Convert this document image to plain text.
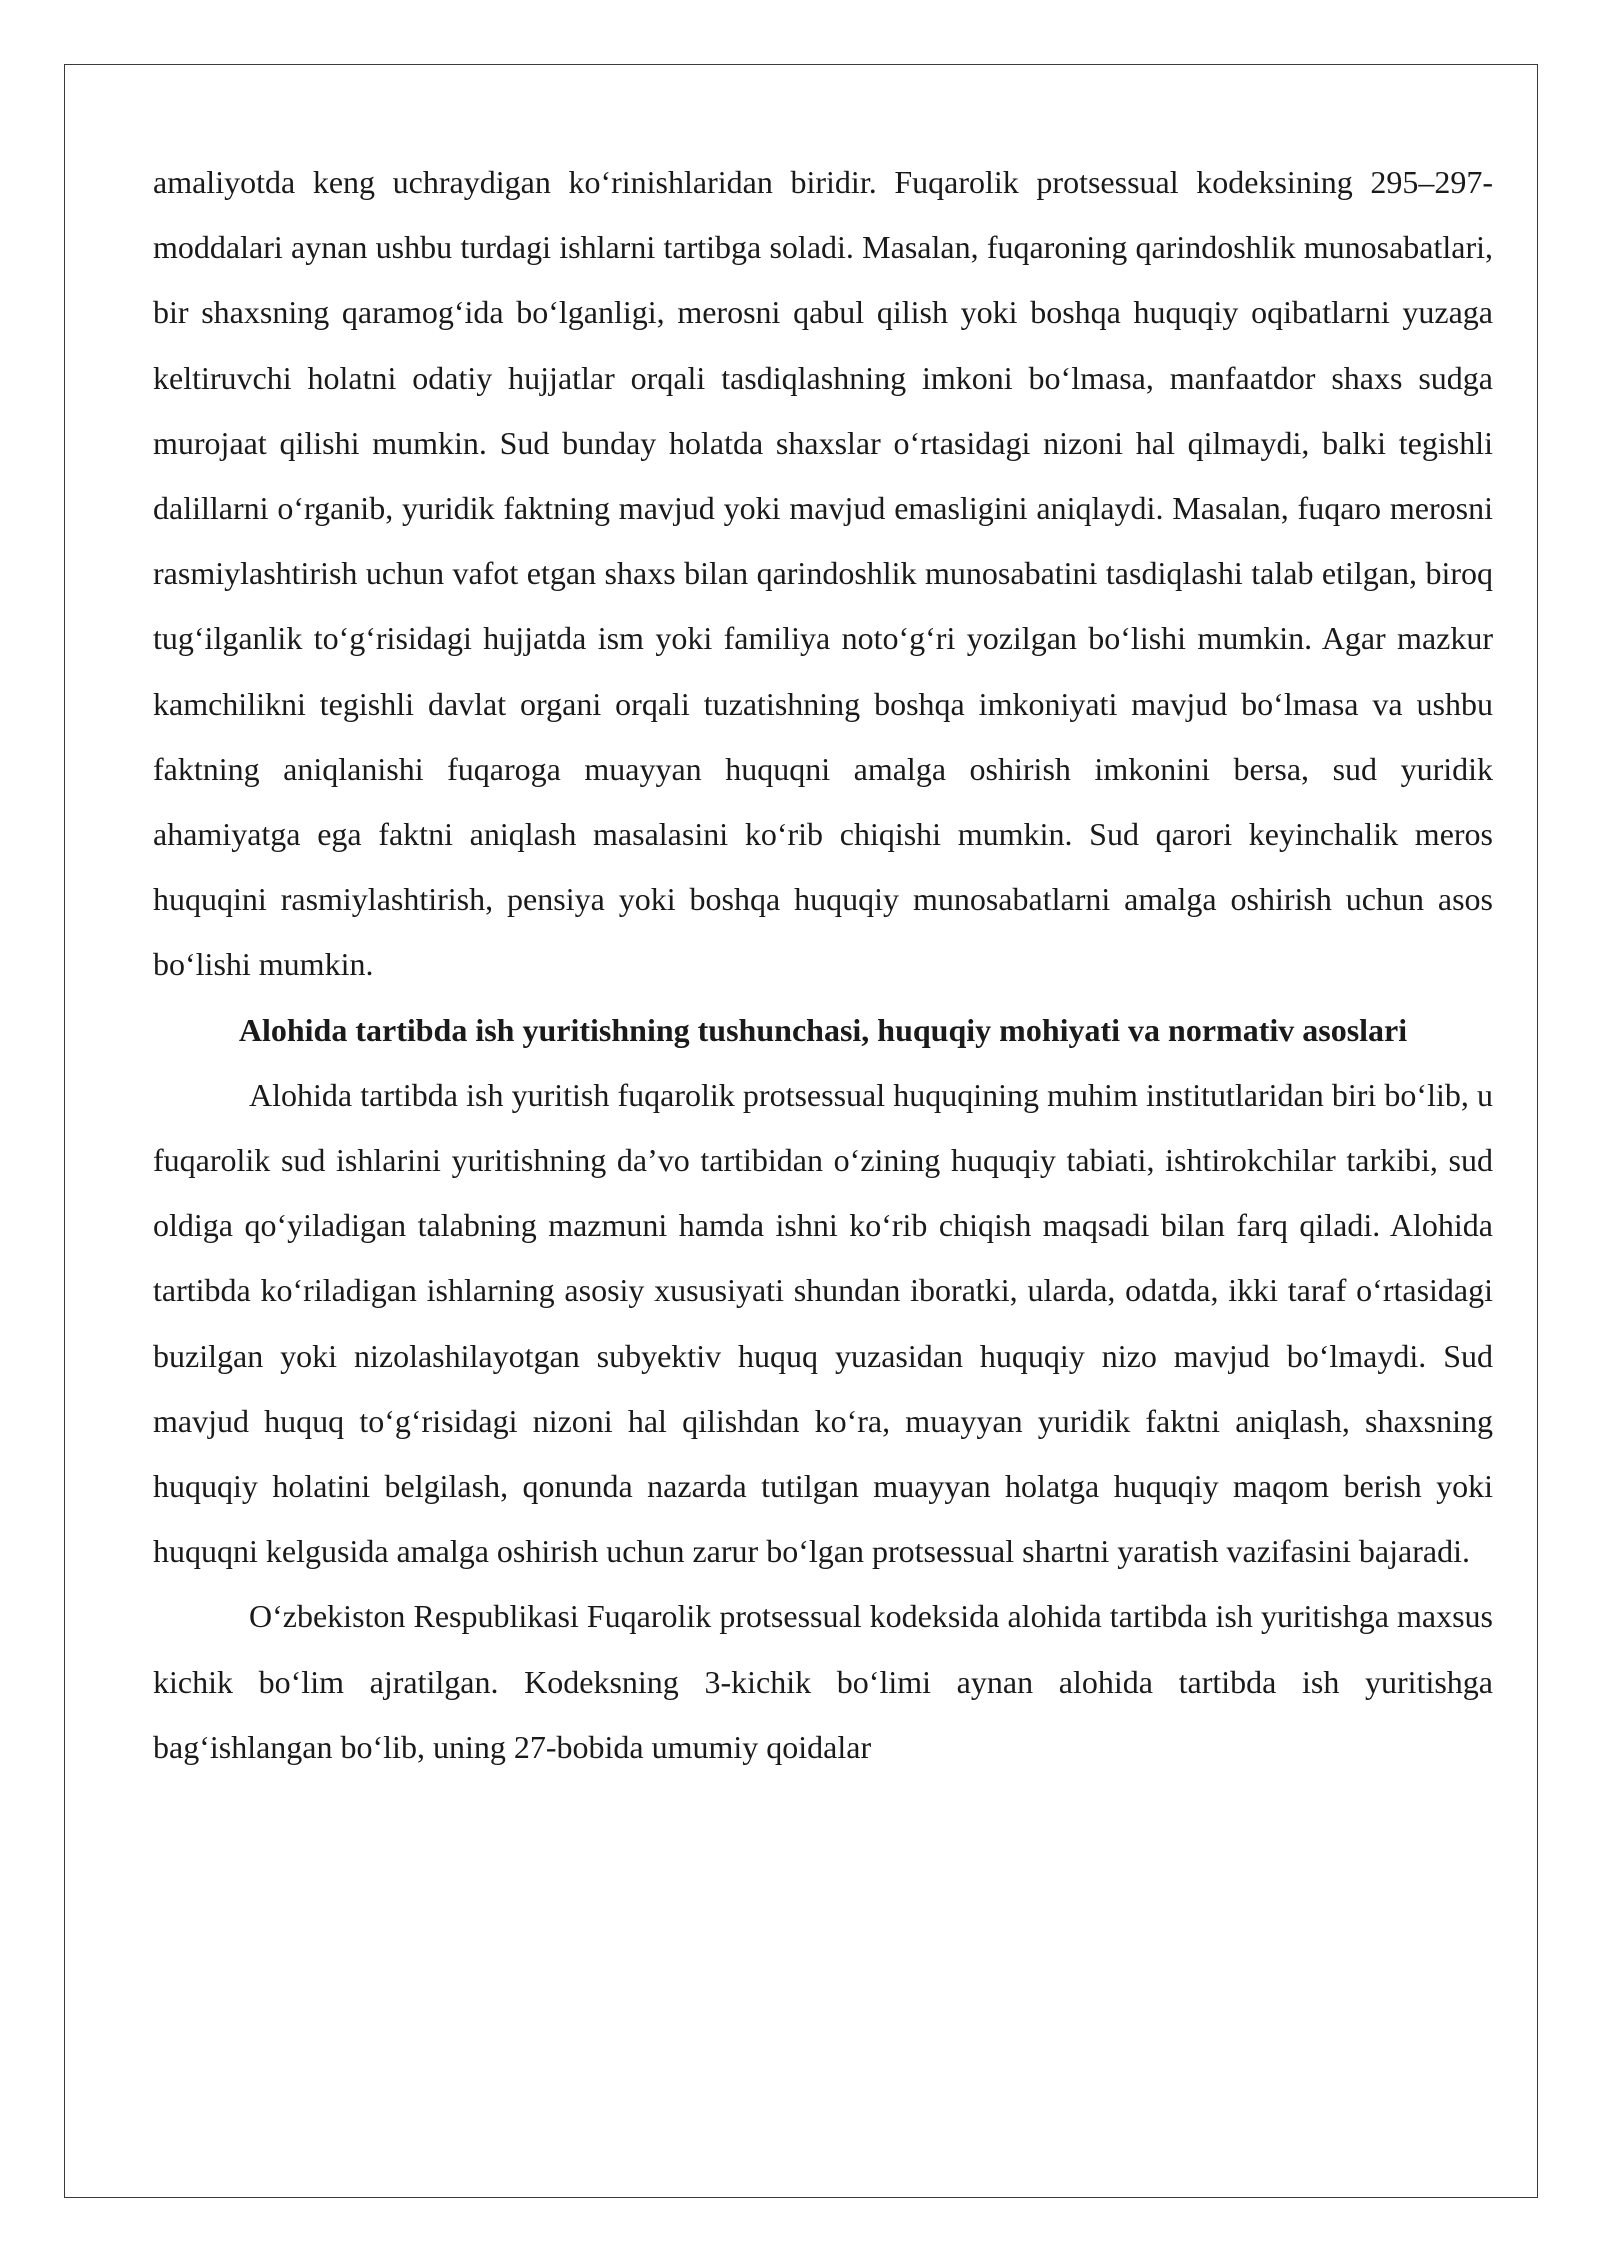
amaliyotda keng uchraydigan koʻrinishlaridan biridir. Fuqarolik protsessual kodeksining 295–297-moddalari aynan ushbu turdagi ishlarni tartibga soladi. Masalan, fuqaroning qarindoshlik munosabatlari, bir shaxsning qaramogʻida boʻlganligi, merosni qabul qilish yoki boshqa huquqiy oqibatlarni yuzaga keltiruvchi holatni odatiy hujjatlar orqali tasdiqlashning imkoni boʻlmasa, manfaatdor shaxs sudga murojaat qilishi mumkin. Sud bunday holatda shaxslar oʻrtasidagi nizoni hal qilmaydi, balki tegishli dalillarni oʻrganib, yuridik faktning mavjud yoki mavjud emasligini aniqlaydi. Masalan, fuqaro merosni rasmiylashtirish uchun vafot etgan shaxs bilan qarindoshlik munosabatini tasdiqlashi talab etilgan, biroq tugʻilganlik toʻgʻrisidagi hujjatda ism yoki familiya notoʻgʻri yozilgan boʻlishi mumkin. Agar mazkur kamchilikni tegishli davlat organi orqali tuzatishning boshqa imkoniyati mavjud boʻlmasa va ushbu faktning aniqlanishi fuqaroga muayyan huquqni amalga oshirish imkonini bersa, sud yuridik ahamiyatga ega faktni aniqlash masalasini koʻrib chiqishi mumkin. Sud qarori keyinchalik meros huquqini rasmiylashtirish, pensiya yoki boshqa huquqiy munosabatlarni amalga oshirish uchun asos boʻlishi mumkin.

Alohida tartibda ish yuritishning tushunchasi, huquqiy mohiyati va normativ asoslari

Alohida tartibda ish yuritish fuqarolik protsessual huquqining muhim institutlaridan biri boʻlib, u fuqarolik sud ishlarini yuritishning da’vo tartibidan oʻzining huquqiy tabiati, ishtirokchilar tarkibi, sud oldiga qoʻyiladigan talabning mazmuni hamda ishni koʻrib chiqish maqsadi bilan farq qiladi. Alohida tartibda koʻriladigan ishlarning asosiy xususiyati shundan iboratki, ularda, odatda, ikki taraf oʻrtasidagi buzilgan yoki nizolashilayotgan subyektiv huquq yuzasidan huquqiy nizo mavjud boʻlmaydi. Sud mavjud huquq toʻgʻrisidagi nizoni hal qilishdan koʻra, muayyan yuridik faktni aniqlash, shaxsning huquqiy holatini belgilash, qonunda nazarda tutilgan muayyan holatga huquqiy maqom berish yoki huquqni kelgusida amalga oshirish uchun zarur boʻlgan protsessual shartni yaratish vazifasini bajaradi.

Oʻzbekiston Respublikasi Fuqarolik protsessual kodeksida alohida tartibda ish yuritishga maxsus kichik boʻlim ajratilgan. Kodeksning 3-kichik boʻlimi aynan alohida tartibda ish yuritishga bagʻishlangan boʻlib, uning 27-bobida umumiy qoidalar
